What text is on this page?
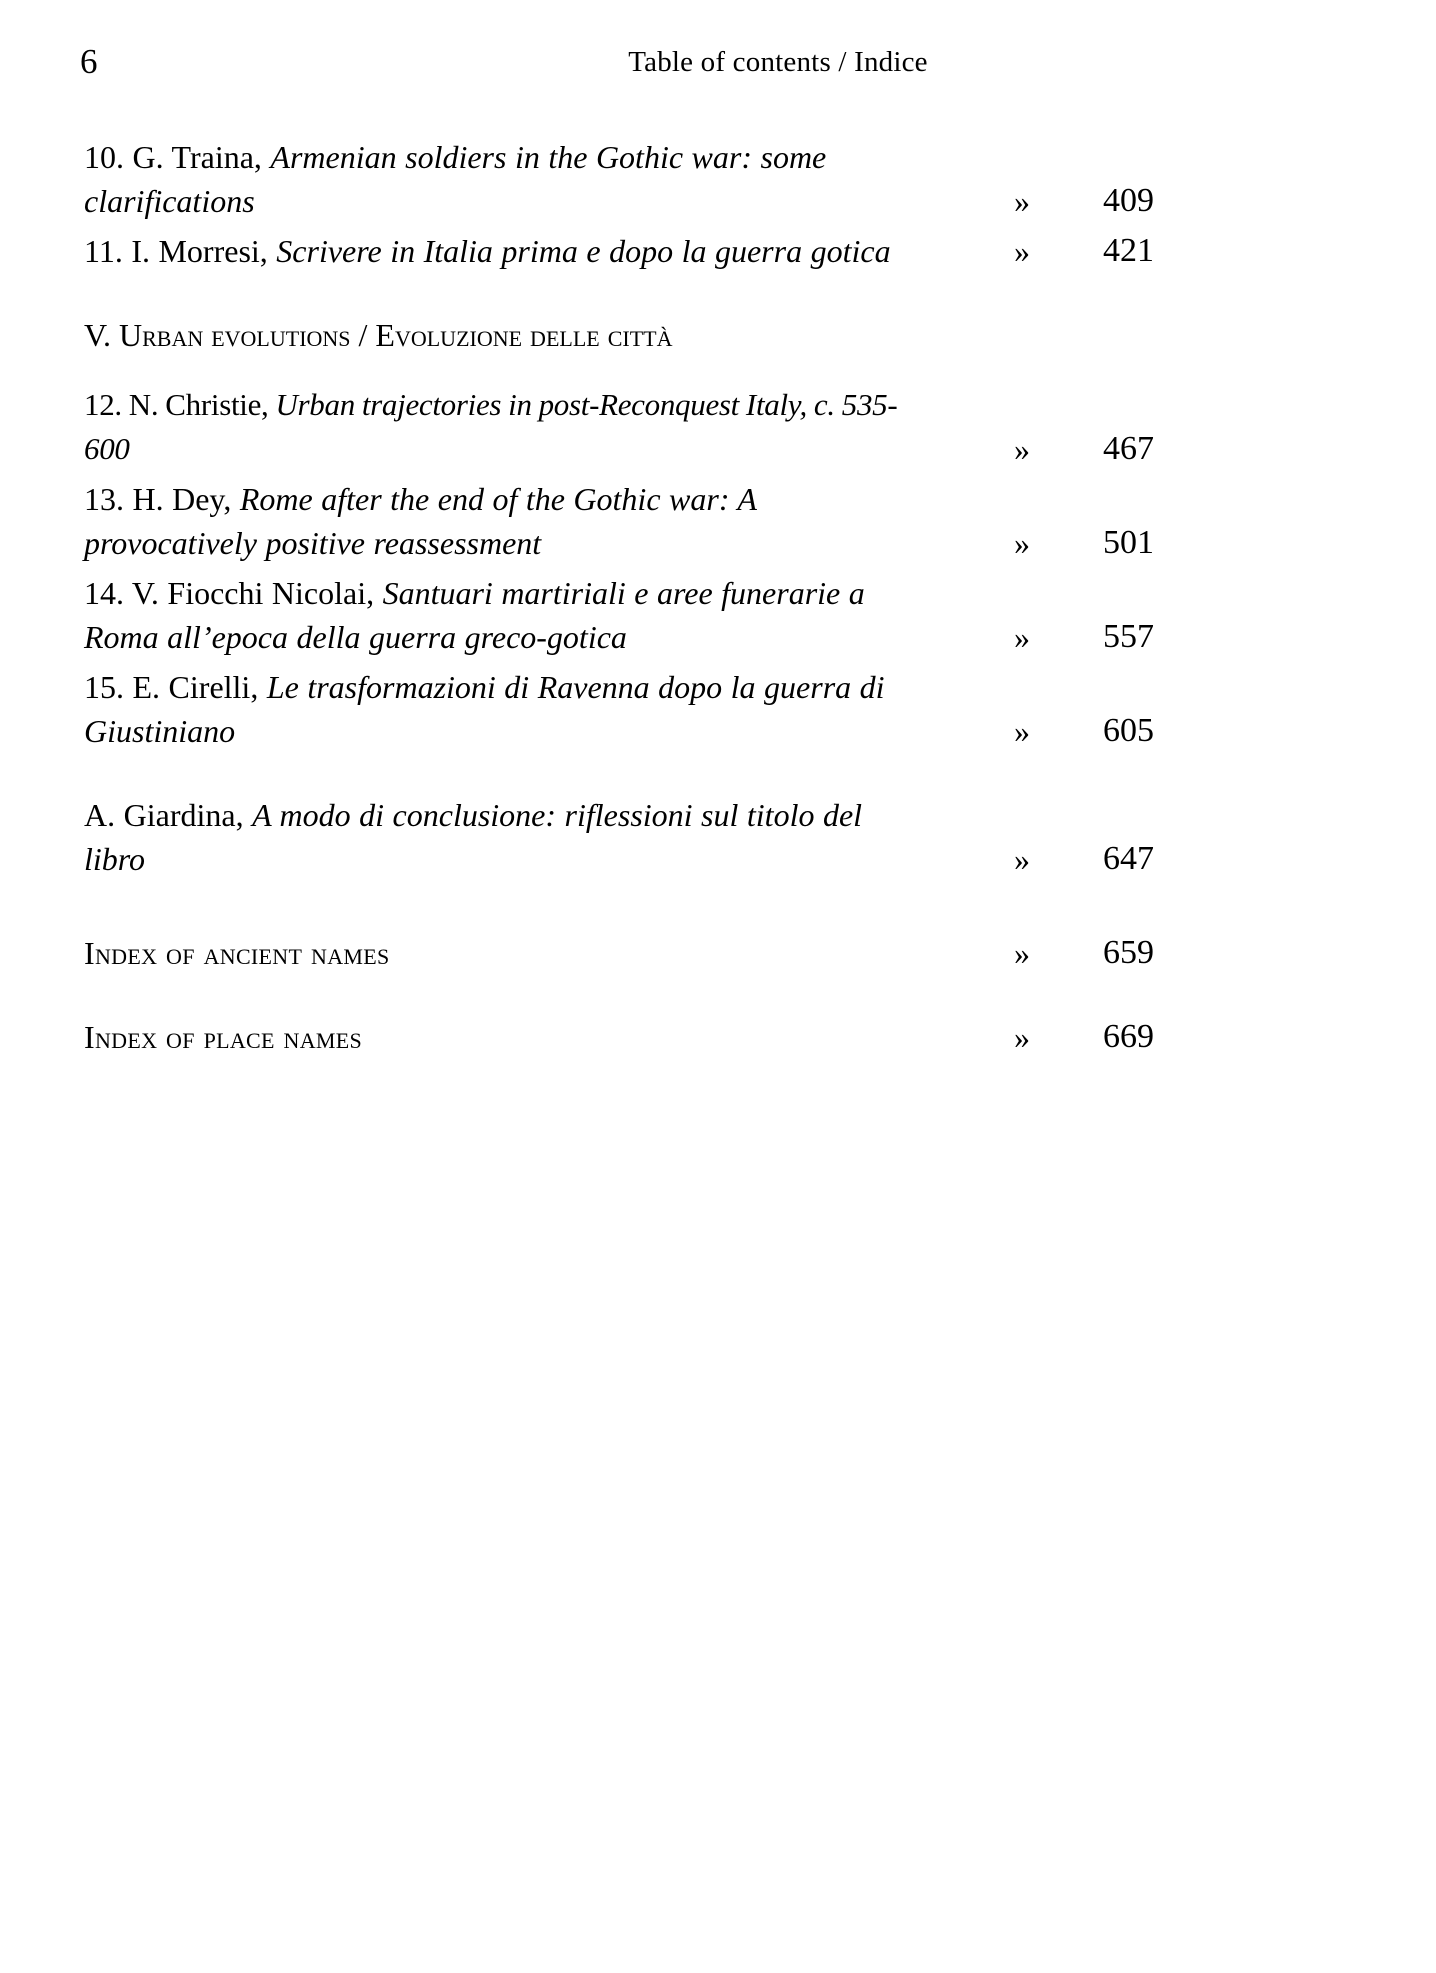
6	Table of contents / Indice
10. G. Traina, Armenian soldiers in the Gothic war: some clarifications	»	409
11. I. Morresi, Scrivere in Italia prima e dopo la guerra gotica	»	421
V. Urban evolutions / Evoluzione delle città
12. N. Christie, Urban trajectories in post-Reconquest Italy, c. 535-600	»	467
13. H. Dey, Rome after the end of the Gothic war: A provocatively positive reassessment	»	501
14. V. Fiocchi Nicolai, Santuari martiriali e aree funerarie a Roma all’epoca della guerra greco-gotica	»	557
15. E. Cirelli, Le trasformazioni di Ravenna dopo la guerra di Giustiniano	»	605
A. Giardina, A modo di conclusione: riflessioni sul titolo del libro	»	647
Index of ancient names	»	659
Index of place names	»	669
